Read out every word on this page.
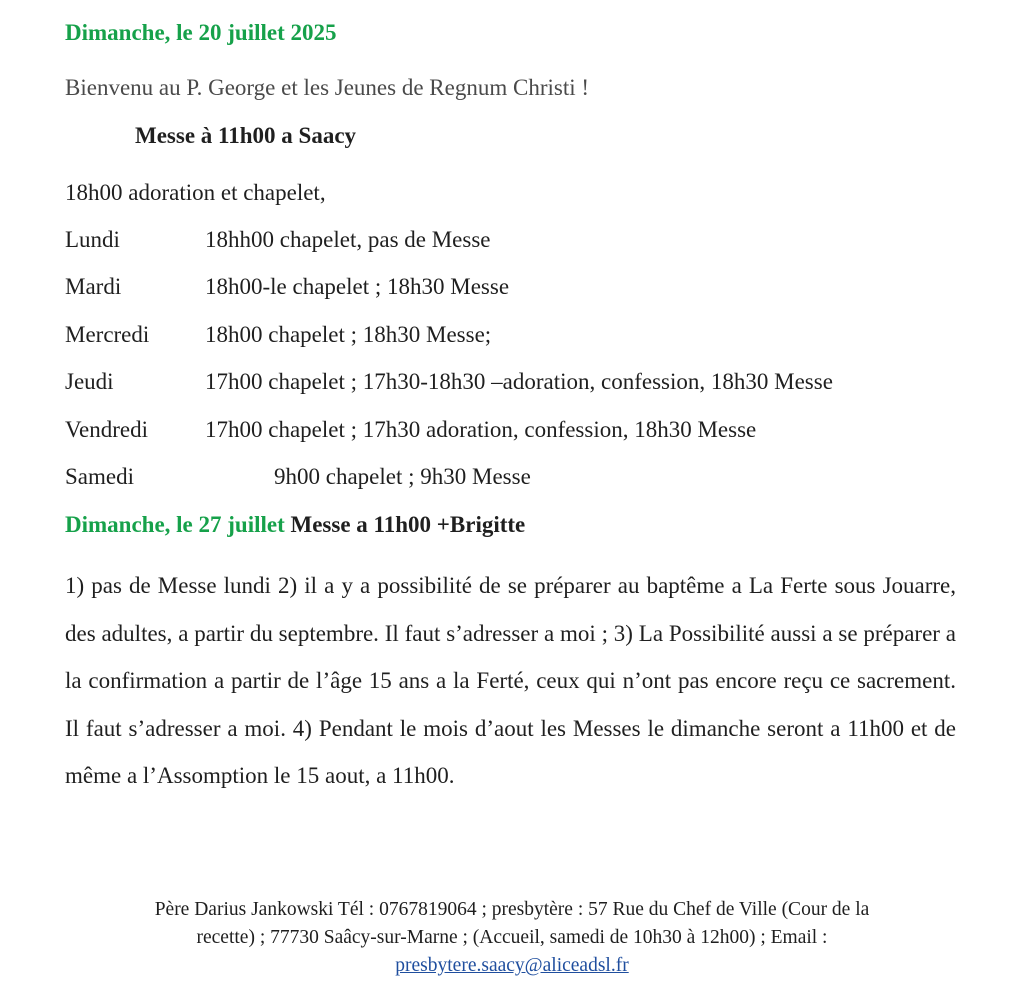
Dimanche, le 20 juillet 2025
Bienvenu au P. George et les Jeunes de Regnum Christi !
Messe à 11h00 a Saacy
18h00 adoration et chapelet,
Lundi	18hh00 chapelet, pas de Messe
Mardi	18h00-le chapelet ; 18h30 Messe
Mercredi 18h00 chapelet ; 18h30 Messe;
Jeudi	17h00 chapelet ; 17h30-18h30 –adoration, confession, 18h30 Messe
Vendredi 17h00 chapelet ; 17h30 adoration, confession, 18h30 Messe
Samedi	9h00 chapelet ; 9h30 Messe
Dimanche, le 27 juillet Messe a 11h00 +Brigitte
1) pas de Messe lundi 2) il a y a possibilité de se préparer au baptême a La Ferte sous Jouarre, des adultes, a partir du septembre. Il faut s’adresser a moi ; 3) La Possibilité aussi a se préparer a la confirmation a partir de l’âge 15 ans a la Ferté, ceux qui n’ont pas encore reçu ce sacrement. Il faut s’adresser a moi. 4) Pendant le mois d’aout les Messes le dimanche seront a 11h00 et de même a l’Assomption le 15 aout, a 11h00.
Père Darius Jankowski Tél : 0767819064 ; presbytère : 57 Rue du Chef de Ville (Cour de la
recette) ; 77730 Saâcy-sur-Marne ; (Accueil, samedi de 10h30 à 12h00) ; Email :
presbytere.saacy@aliceadsl.fr
